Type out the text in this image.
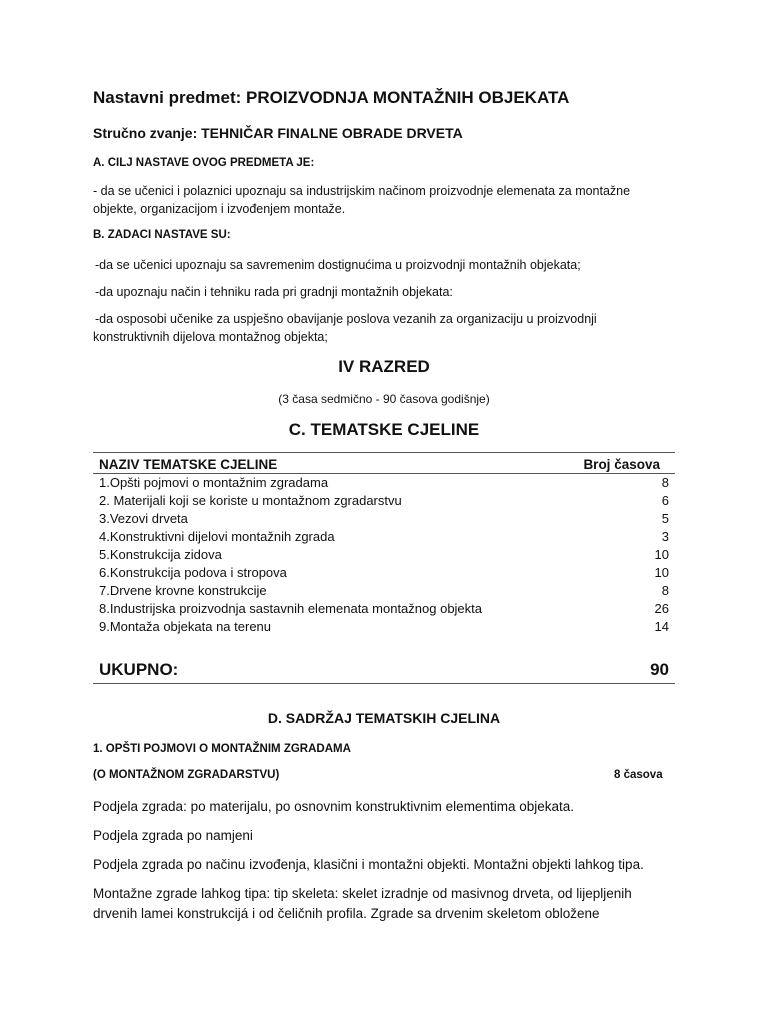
Nastavni predmet: PROIZVODNJA MONTAŽNIH OBJEKATA
Stručno zvanje: TEHNIČAR FINALNE OBRADE DRVETA
A. CILJ NASTAVE OVOG PREDMETA JE:
- da se učenici i polaznici upoznaju sa industrijskim načinom proizvodnje elemenata za montažne
objekte, organizacijom i izvođenjem montaže.
B. ZADACI NASTAVE SU:
-da se učenici upoznaju sa savremenim dostignućima u proizvodnji montažnih objekata;
-da upoznaju način i tehniku rada pri gradnji montažnih objekata:
-da osposobi učenike za uspješno obavijanje poslova vezanih za organizaciju u proizvodnji
konstruktivnih dijelova montažnog objekta;
IV RAZRED
(3 časa sedmično - 90 časova godišnje)
C. TEMATSKE CJELINE
NAZIV TEMATSKE CJELINE	Broj časova
1.Opšti pojmovi o montažnim zgradama	8
2. Materijali koji se koriste u montažnom zgradarstvu	6
3.Vezovi drveta	5
4.Konstruktivni dijelovi montažnih zgrada	3
5.Konstrukcija zidova	10
6.Konstrukcija podova i stropova	10
7.Drvene krovne konstrukcije	8
8.Industrijska proizvodnja sastavnih elemenata montažnog objekta	26
9.Montaža objekata na terenu	14
UKUPNO:	90
D. SADRŽAJ TEMATSKIH CJELINA
1. OPŠTI POJMOVI O MONTAŽNIM ZGRADAMA
(O MONTAŽNOM ZGRADARSTVU)	8 časova
Podjela zgrada: po materijalu, po osnovnim konstruktivnim elementima objekata.
Podjela zgrada po namjeni
Podjela zgrada po načinu izvođenja, klasični i montažni objekti. Montažni objekti lahkog tipa.
Montažne zgrade lahkog tipa: tip skeleta: skelet izradnje od masivnog drveta, od lijepljenih
drvenih lamei konstrukcijá i od čeličnih profila. Zgrade sa drvenim skeletom obložene
